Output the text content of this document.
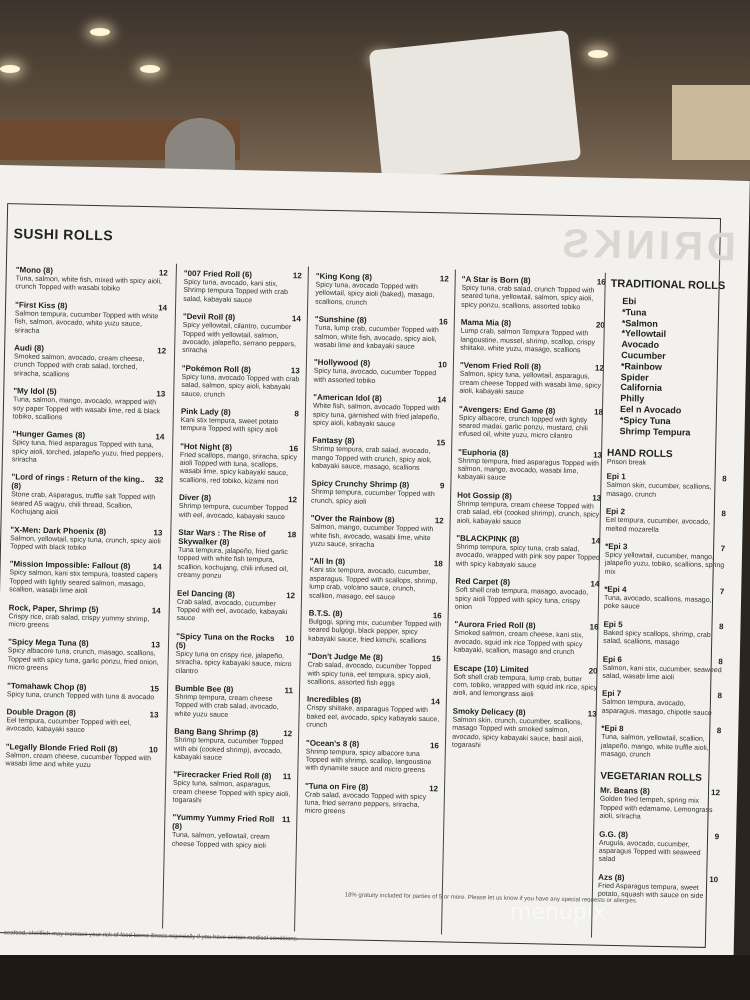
DRINKS
SUSHI ROLLS
"Mono (8)	12
Tuna, salmon, white fish, mixed with spicy aioli, crunch Topped with wasabi tobiko
"First Kiss (8)	14
Salmon tempura, cucumber Topped with white fish, salmon, avocado, white yuzu sauce, sriracha
Audi (8)	12
Smoked salmon, avocado, cream cheese, crunch Topped with crab salad, torched, sriracha, scallions
"My Idol (5)	13
Tuna, salmon, mango, avocado, wrapped with soy paper Topped with wasabi lime, red & black tobiko, scallions
"Hunger Games (8)	14
Spicy tuna, fried asparagus Topped with tuna, spicy aioli, torched, jalapeño yuzu, fried peppers, sriracha
"Lord of rings : Return of the king.. (8)
32
Stone crab, Asparagus, truffle salt Topped with seared A5 wagyu, chili thread, Scallion, Kochujang aioli
"X-Men: Dark Phoenix (8)	13
Salmon, yellowtail, spicy tuna, crunch, spicy aioli Topped with black tobiko
"Mission Impossible: Fallout (8)	14
Spicy salmon, kani stix tempura, toasted capers Topped with lightly seared salmon, masago, scallion, wasabi lime aioli
Rock, Paper, Shrimp (5)	14
Crispy rice, crab salad, crispy yummy shrimp, micro greens
"Spicy Mega Tuna (8)	13
Spicy albacore tuna, crunch, masago, scallions, Topped with spicy tuna, garlic ponzu, fried onion, micro greens
"Tomahawk Chop (8)	15
Spicy tuna, crunch Topped with tuna & avocado
Double Dragon (8)	13
Eel tempura, cucumber Topped with eel, avocado, kabayaki sauce
"Legally Blonde Fried Roll (8)	10
Salmon, cream cheese, cucumber Topped with wasabi lime and white yuzu
"007 Fried Roll (6)	12
Spicy tuna, avocado, kani stix, Shrimp tempura Topped with crab salad, kabayaki sauce
"Devil Roll (8)	14
Spicy yellowtail, cilantro, cucumber Topped with yellowtail, salmon, avocado, jalapeño, serrano peppers, sriracha
"Pokémon Roll (8)	13
Spicy tuna, avocado Topped with crab salad, salmon, spicy aioli, kabayaki sauce, crunch
Pink Lady (8)	8
Kani stix tempura, sweet potato tempura Topped with spicy aioli
"Hot Night (8)	16
Fried scallops, mango, sriracha, spicy aioli Topped with tuna, scallops, wasabi lime, spicy kabayaki sauce, scallions, red tobiko, kizami nori
Diver (8)	12
Shrimp tempura, cucumber Topped with eel, avocado, kabayaki sauce
Star Wars : The Rise of Skywalker (8)
18
Tuna tempura, jalapeño, fried garlic topped with white fish tempura, scallion, kochujang, chili infused oil, creamy ponzu
Eel Dancing (8)	12
Crab salad, avocado, cucumber Topped with eel, avocado, kabayaki sauce
"Spicy Tuna on the Rocks (5)
10
Spicy tuna on crispy rice, jalapeño, sriracha, spicy kabayaki sauce, micro cilantro
Bumble Bee (8)	11
Shrimp tempura, cream cheese Topped with crab salad, avocado, white yuzu sauce
Bang Bang Shrimp (8)	12
Shrimp tempura, cucumber Topped with ebi (cooked shrimp), avocado, kabayaki sauce
"Firecracker Fried Roll (8) 11
Spicy tuna, salmon, asparagus, cream cheese Topped with spicy aioli, togarashi
"Yummy Yummy Fried Roll (8)
11
Tuna, salmon, yellowtail, cream cheese Topped with spicy aioli
"King Kong (8)	12
Spicy tuna, avocado Topped with yellowtail, spicy aioli (baked), masago, scallions, crunch
"Sunshine (8)	16
Tuna, lump crab, cucumber Topped with salmon, white fish, avocado, spicy aioli, wasabi lime and kabayaki sauce
"Hollywood (8)	10
Spicy tuna, avocado, cucumber Topped with assorted tobiko
"American Idol (8)	14
White fish, salmon, avocado Topped with spicy tuna, garnished with fried jalapeño, spicy aioli, kabayaki sauce
Fantasy (8)	15
Shrimp tempura, crab salad, avocado, mango Topped with crunch, spicy aioli, kabayaki sauce, masago, scallions
Spicy Crunchy Shrimp (8)	9
Shrimp tempura, cucumber Topped with crunch, spicy aioli
"Over the Rainbow (8)	12
Salmon, mango, cucumber Topped with white fish, avocado, wasabi lime, white yuzu sauce, sriracha
"All In (8)	18
Kani stix tempura, avocado, cucumber, asparagus. Topped with scallops, shrimp, lump crab, volcano sauce, crunch, scallion, masago, eel sauce
B.T.S. (8)	16
Bulgogi, spring mix, cucumber Topped with seared bulgogi, black pepper, spicy kabayaki sauce, fried kimchi, scallions
"Don't Judge Me (8)	15
Crab salad, avocado, cucumber Topped with spicy tuna, eel tempura, spicy aioli, scallions, assorted fish eggs
Incredibles (8)	14
Crispy shiitake, asparagus Topped with baked eel, avocado, spicy kabayaki sauce, crunch
"Ocean's 8 (8)	16
Shrimp tempura, spicy albacore tuna Topped with shrimp, scallop, langoustine with dynamite sauce and micro greens
"Tuna on Fire (8)	12
Crab salad, avocado Topped with spicy tuna, fried serrano peppers, sriracha, micro greens
"A Star is Born (8)	16
Spicy tuna, crab salad, crunch Topped with seared tuna, yellowtail, salmon, spicy aioli, spicy ponzu, scallions, assorted tobiko
Mama Mia (8)	20
Lump crab, salmon Tempura Topped with langoustine, mussel, shrimp, scallop, crispy shiitake, white yuzu, masago, scallions
"Venom Fried Roll (8)	12
Salmon, spicy tuna, yellowtail, asparagus, cream cheese Topped with wasabi lime, spicy aioli, kabayaki sauce
"Avengers: End Game (8)	18
Spicy albacore, crunch topped with lightly seared madai, garlic ponzu, mustard, chili infused oil, white yuzu, micro cilantro
"Euphoria (8)	13
Shrimp tempura, fried asparagus Topped with salmon, mango, avocado, wasabi lime, kabayaki sauce
Hot Gossip (8)	13
Shrimp tempura, cream cheese Topped with crab salad, ebi (cooked shrimp), crunch, spicy aioli, kabayaki sauce
"BLACKPINK (8)	14
Shrimp tempura, spicy tuna, crab salad, avocado, wrapped with pink soy paper Topped with spicy kabayaki sauce
Red Carpet (8)	14
Soft shell crab tempura, masago, avocado, spicy aioli Topped with spicy tuna, crispy onion
"Aurora Fried Roll (8)	16
Smoked salmon, cream cheese, kani stix, avocado, squid ink rice Topped with spicy kabayaki, scallion, masago and crunch
Escape (10) Limited	20
Soft shell crab tempura, lump crab, butter corn, tobiko, wrapped with squid ink rice, spicy aioli, and lemongrass aioli
Smoky Delicacy (8)	13
Salmon skin, crunch, cucumber, scallions, masago Topped with smoked salmon, avocado, spicy kabayaki sauce, basil aioli, togarashi
TRADITIONAL ROLLS
Ebi
*Tuna
*Salmon
*Yellowtail
Avocado
Cucumber
*Rainbow
Spider
California
Philly
Eel n Avocado
*Spicy Tuna
Shrimp Tempura
HAND ROLLS
Prison break
Epi 1	8
Salmon skin, cucumber, scallions, masago, crunch
Epi 2	8
Eel tempura, cucumber, avocado, melted mozarella
*Epi 3	7
Spicy yellowtail, cucumber, mango, jalapeño yuzu, tobiko, scallions, spring mix
*Epi 4	7
Tuna, avocado, scallions, masago, poke sauce
Epi 5	8
Baked spicy scallops, shrimp, crab salad, scallions, masago
Epi 6	8
Salmon, kani stix, cucumber, seaweed salad, wasabi lime aioli
Epi 7	8
Salmon tempura, avocado, asparagus, masago, chipotle sauce
*Epi 8	8
Tuna, salmon, yellowtail, scallion, jalapeño, mango, white truffle aioli, masago, crunch
VEGETARIAN ROLLS
Mr. Beans (8)	12
Golden fried tempeh, spring mix Topped with edamame, Lemongrass aioli, sriracha
G.G. (8)	9
Arugula, avocado, cucumber, asparagus Topped with seaweed salad
Azs (8)	10
Fried Asparagus tempura, sweet potato, squash with sauce on side
18% gratuity included for parties of 5 or more. Please let us know if you have any special requests or allergies.
seafood, shellfish may increase your risk of food borne illness especially if you have certain medical conditions.
menupix
